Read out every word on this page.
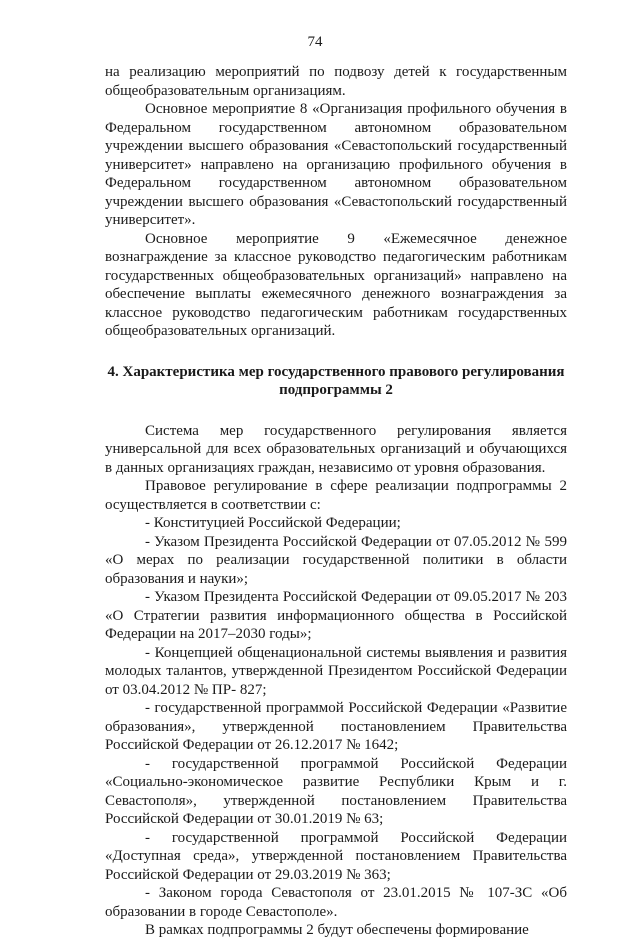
74

на реализацию мероприятий по подвозу детей к государственным общеобразовательным организациям.

Основное мероприятие 8 «Организация профильного обучения в Федеральном государственном автономном образовательном учреждении высшего образования «Севастопольский государственный университет» направлено на организацию профильного обучения в Федеральном государственном автономном образовательном учреждении высшего образования «Севастопольский государственный университет».

Основное мероприятие 9 «Ежемесячное денежное вознаграждение за классное руководство педагогическим работникам государственных общеобразовательных организаций» направлено на обеспечение выплаты ежемесячного денежного вознаграждения за классное руководство педагогическим работникам государственных общеобразовательных организаций.

4. Характеристика мер государственного правового регулирования подпрограммы 2

Система мер государственного регулирования является универсальной для всех образовательных организаций и обучающихся в данных организациях граждан, независимо от уровня образования.

Правовое регулирование в сфере реализации подпрограммы 2 осуществляется в соответствии с:

- Конституцией Российской Федерации;

- Указом Президента Российской Федерации от 07.05.2012 № 599 «О мерах по реализации государственной политики в области образования и науки»;

- Указом Президента Российской Федерации от 09.05.2017 № 203 «О Стратегии развития информационного общества в Российской Федерации на 2017–2030 годы»;

- Концепцией общенациональной системы выявления и развития молодых талантов, утвержденной Президентом Российской Федерации от 03.04.2012 № ПР- 827;

- государственной программой Российской Федерации «Развитие образования», утвержденной постановлением Правительства Российской Федерации от 26.12.2017 № 1642;

- государственной программой Российской Федерации «Социально-экономическое развитие Республики Крым и г. Севастополя», утвержденной постановлением Правительства Российской Федерации от 30.01.2019 № 63;

- государственной программой Российской Федерации «Доступная среда», утвержденной постановлением Правительства Российской Федерации от 29.03.2019 № 363;

- Законом города Севастополя от 23.01.2015 № 107-ЗС «Об образовании в городе Севастополе».

В рамках подпрограммы 2 будут обеспечены формирование
